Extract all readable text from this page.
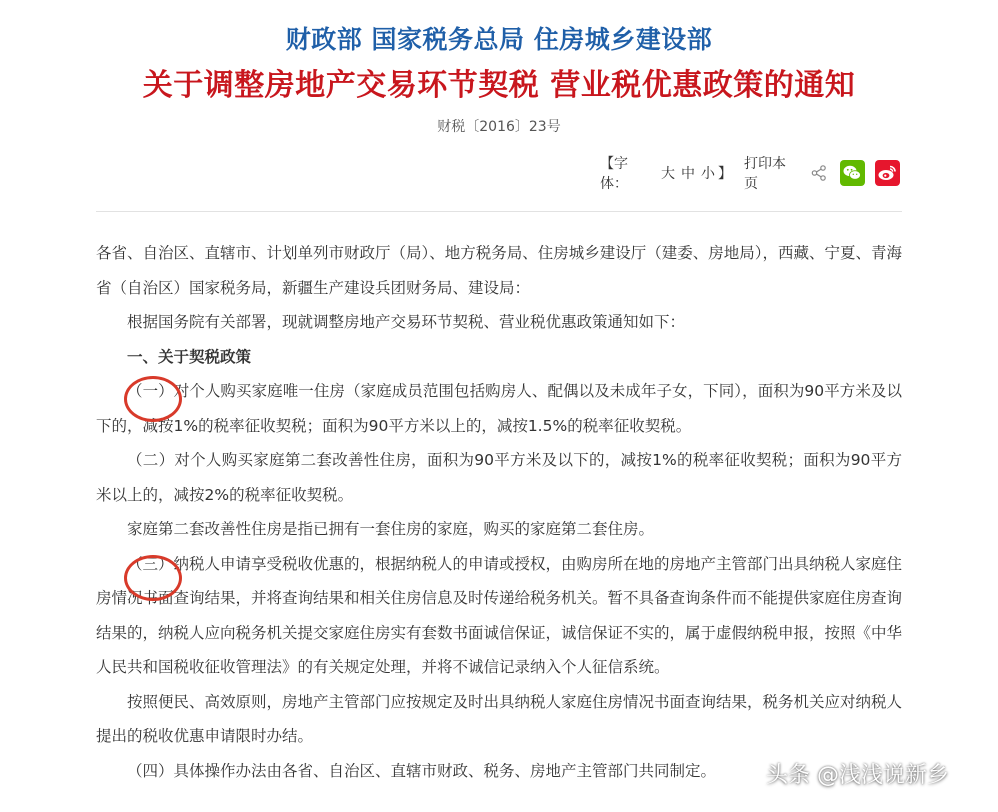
财政部 国家税务总局 住房城乡建设部
关于调整房地产交易环节契税 营业税优惠政策的通知
财税〔2016〕23号
【字体：
大 中 小 】
打印本页

各省、自治区、直辖市、计划单列市财政厅（局）、地方税务局、住房城乡建设厅（建委、房地局），西藏、宁夏、青海省（自治区）国家税务局，新疆生产建设兵团财务局、建设局：

根据国务院有关部署，现就调整房地产交易环节契税、营业税优惠政策通知如下：

一、关于契税政策

（一）对个人购买家庭唯一住房（家庭成员范围包括购房人、配偶以及未成年子女，下同），面积为90平方米及以下的，减按1%的税率征收契税；面积为90平方米以上的，减按1.5%的税率征收契税。

（二）对个人购买家庭第二套改善性住房，面积为90平方米及以下的，减按1%的税率征收契税；面积为90平方米以上的，减按2%的税率征收契税。

家庭第二套改善性住房是指已拥有一套住房的家庭，购买的家庭第二套住房。

（三）纳税人申请享受税收优惠的，根据纳税人的申请或授权，由购房所在地的房地产主管部门出具纳税人家庭住房情况书面查询结果，并将查询结果和相关住房信息及时传递给税务机关。暂不具备查询条件而不能提供家庭住房查询结果的，纳税人应向税务机关提交家庭住房实有套数书面诚信保证，诚信保证不实的，属于虚假纳税申报，按照《中华人民共和国税收征收管理法》的有关规定处理，并将不诚信记录纳入个人征信系统。

按照便民、高效原则，房地产主管部门应按规定及时出具纳税人家庭住房情况书面查询结果，税务机关应对纳税人提出的税收优惠申请限时办结。

（四）具体操作办法由各省、自治区、直辖市财政、税务、房地产主管部门共同制定。	头条 @浅浅说新乡
